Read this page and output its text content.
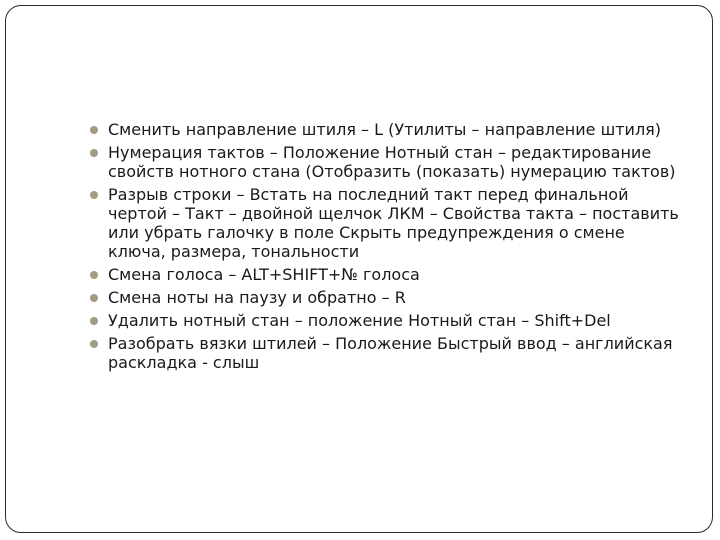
Сменить направление штиля – L (Утилиты – направление штиля)
Нумерация тактов – Положение Нотный стан – редактирование свойств нотного стана (Отобразить (показать) нумерацию тактов)
Разрыв строки – Встать на последний такт перед финальной чертой – Такт – двойной щелчок ЛКМ – Свойства такта – поставить или убрать галочку в поле Скрыть предупреждения о смене ключа, размера, тональности
Смена голоса – ALT+SHIFT+№ голоса
Смена ноты на паузу и обратно – R
Удалить нотный стан – положение Нотный стан – Shift+Del
Разобрать вязки штилей – Положение Быстрый ввод – английская раскладка - слыш
